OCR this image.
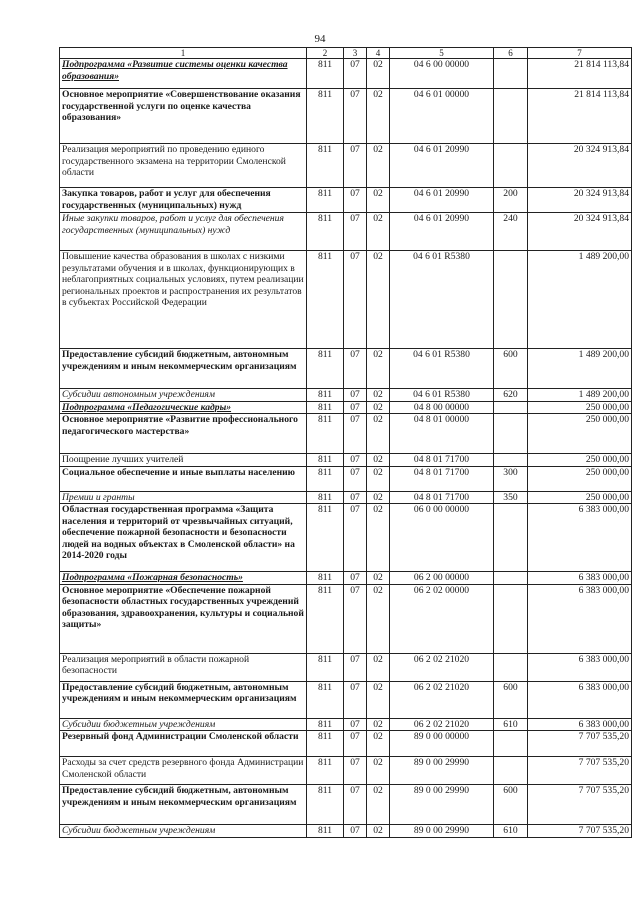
94
1	2	3	4	5	6	7
Подпрограмма «Развитие системы оценки качества образования»	811	07	02	04 6 00 00000		21 814 113,84
Основное мероприятие «Совершенствование оказания государственной услуги по оценке качества образования»	811	07	02	04 6 01 00000		21 814 113,84
Реализация мероприятий по проведению единого государственного экзамена на территории Смоленской области	811	07	02	04 6 01 20990		20 324 913,84
Закупка товаров, работ и услуг для обеспечения государственных (муниципальных) нужд	811	07	02	04 6 01 20990	200	20 324 913,84
Иные закупки товаров, работ и услуг для обеспечения государственных (муниципальных) нужд	811	07	02	04 6 01 20990	240	20 324 913,84
Повышение качества образования в школах с низкими результатами обучения и в школах, функционирующих в неблагоприятных социальных условиях, путем реализации региональных проектов и распространения их результатов в субъектах Российской Федерации	811	07	02	04 6 01 R5380		1 489 200,00
Предоставление субсидий бюджетным, автономным учреждениям и иным некоммерческим организациям	811	07	02	04 6 01 R5380	600	1 489 200,00
Субсидии автономным учреждениям	811	07	02	04 6 01 R5380	620	1 489 200,00
Подпрограмма «Педагогические кадры»	811	07	02	04 8 00 00000		250 000,00
Основное мероприятие «Развитие профессионального педагогического мастерства»	811	07	02	04 8 01 00000		250 000,00
Поощрение лучших учителей	811	07	02	04 8 01 71700		250 000,00
Социальное обеспечение и иные выплаты населению	811	07	02	04 8 01 71700	300	250 000,00
Премии и гранты	811	07	02	04 8 01 71700	350	250 000,00
Областная государственная программа «Защита населения и территорий от чрезвычайных ситуаций, обеспечение пожарной безопасности и безопасности людей на водных объектах в Смоленской области» на 2014-2020 годы	811	07	02	06 0 00 00000		6 383 000,00
Подпрограмма «Пожарная безопасность»	811	07	02	06 2 00 00000		6 383 000,00
Основное мероприятие «Обеспечение пожарной безопасности областных государственных учреждений образования, здравоохранения, культуры и социальной защиты»	811	07	02	06 2 02 00000		6 383 000,00
Реализация мероприятий в области пожарной безопасности	811	07	02	06 2 02 21020		6 383 000,00
Предоставление субсидий бюджетным, автономным учреждениям и иным некоммерческим организациям	811	07	02	06 2 02 21020	600	6 383 000,00
Субсидии бюджетным учреждениям	811	07	02	06 2 02 21020	610	6 383 000,00
Резервный фонд Администрации Смоленской области	811	07	02	89 0 00 00000		7 707 535,20
Расходы за счет средств резервного фонда Администрации Смоленской области	811	07	02	89 0 00 29990		7 707 535,20
Предоставление субсидий бюджетным, автономным учреждениям и иным некоммерческим организациям	811	07	02	89 0 00 29990	600	7 707 535,20
Субсидии бюджетным учреждениям	811	07	02	89 0 00 29990	610	7 707 535,20
